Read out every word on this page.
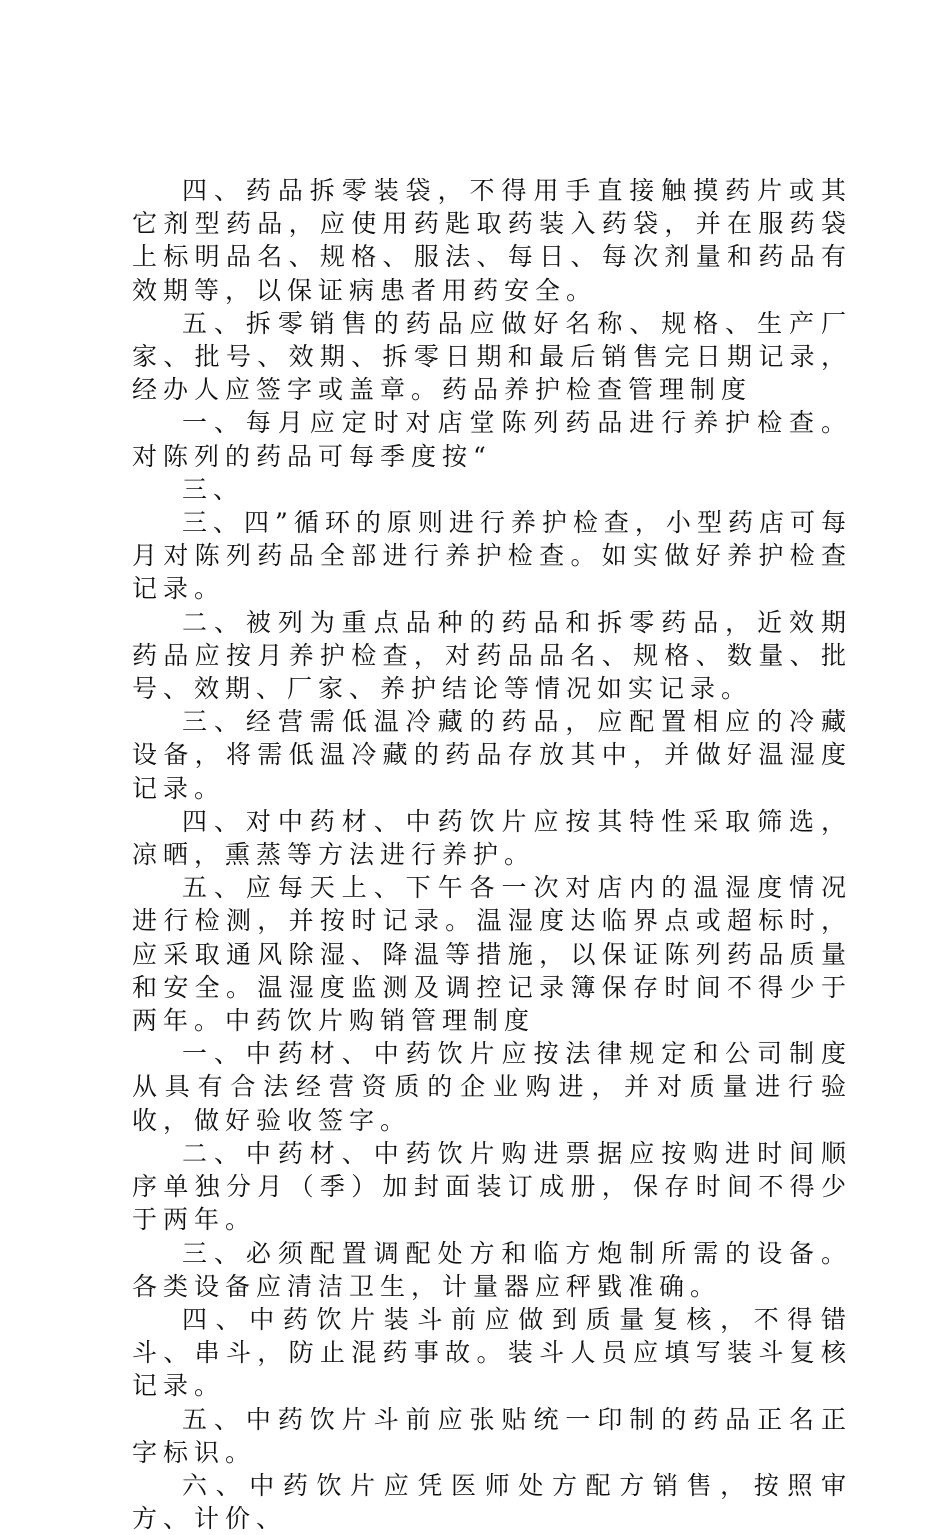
四、药品拆零装袋，不得用手直接触摸药片或其它剂型药品，应使用药匙取药装入药袋，并在服药袋上标明品名、规格、服法、每日、每次剂量和药品有效期等，以保证病患者用药安全。

五、拆零销售的药品应做好名称、规格、生产厂家、批号、效期、拆零日期和最后销售完日期记录，经办人应签字或盖章。药品养护检查管理制度

一、每月应定时对店堂陈列药品进行养护检查。对陈列的药品可每季度按“

三、

三、四”循环的原则进行养护检查，小型药店可每月对陈列药品全部进行养护检查。如实做好养护检查记录。

二、被列为重点品种的药品和拆零药品，近效期药品应按月养护检查，对药品品名、规格、数量、批号、效期、厂家、养护结论等情况如实记录。

三、经营需低温冷藏的药品，应配置相应的冷藏设备，将需低温冷藏的药品存放其中，并做好温湿度记录。

四、对中药材、中药饮片应按其特性采取筛选，凉晒，熏蒸等方法进行养护。

五、应每天上、下午各一次对店内的温湿度情况进行检测，并按时记录。温湿度达临界点或超标时，应采取通风除湿、降温等措施，以保证陈列药品质量和安全。温湿度监测及调控记录簿保存时间不得少于两年。中药饮片购销管理制度

一、中药材、中药饮片应按法律规定和公司制度从具有合法经营资质的企业购进，并对质量进行验收，做好验收签字。

二、中药材、中药饮片购进票据应按购进时间顺序单独分月（季）加封面装订成册，保存时间不得少于两年。

三、必须配置调配处方和临方炮制所需的设备。各类设备应清洁卫生，计量器应秤戥准确。

四、中药饮片装斗前应做到质量复核，不得错斗、串斗，防止混药事故。装斗人员应填写装斗复核记录。

五、中药饮片斗前应张贴统一印制的药品正名正字标识。

六、中药饮片应凭医师处方配方销售，按照审方、计价、
